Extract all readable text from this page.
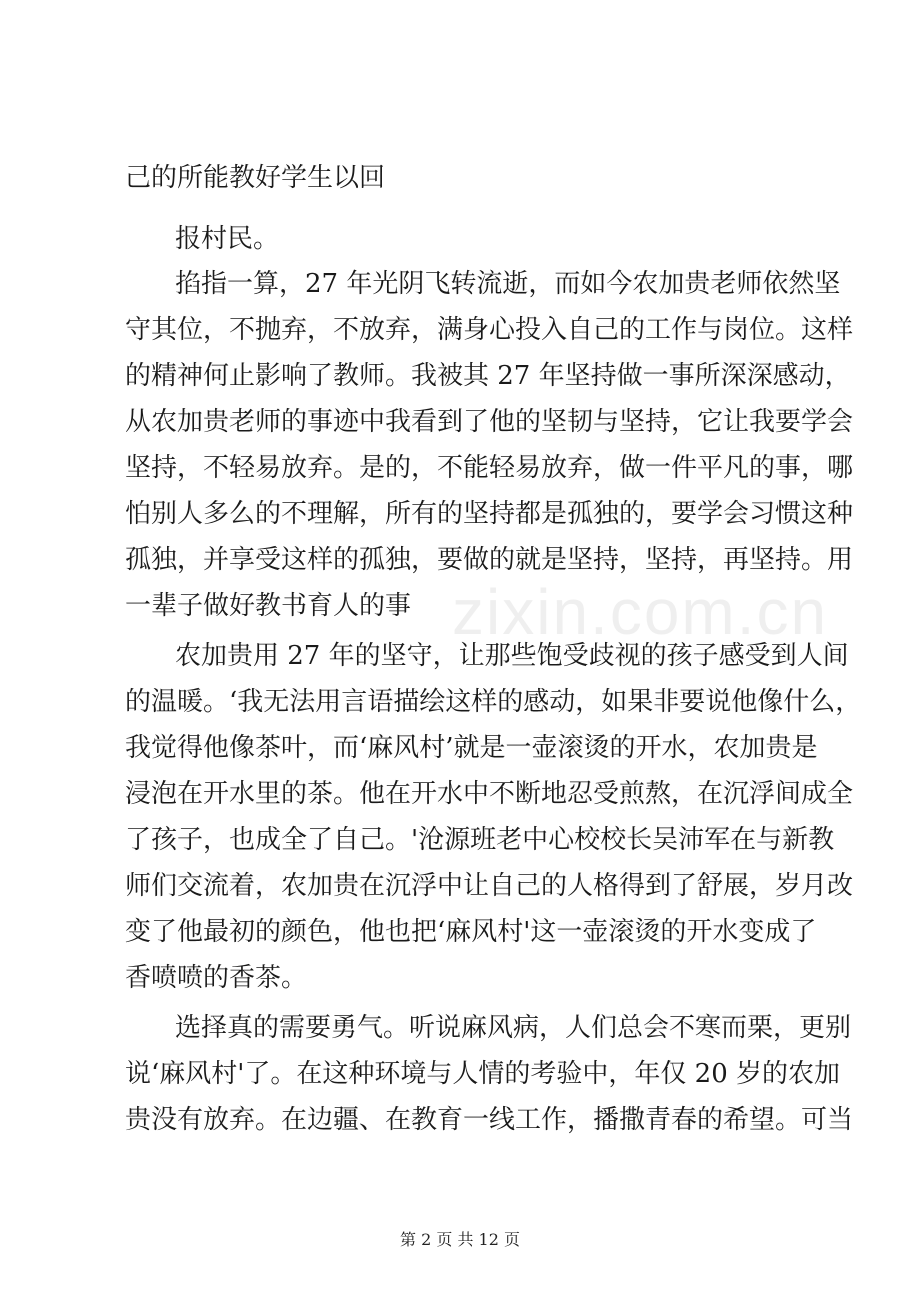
zixin.com.cn
己的所能教好学生以回
报村民。
掐指一算，27 年光阴飞转流逝，而如今农加贵老师依然坚
守其位，不抛弃，不放弃，满身心投入自己的工作与岗位。这样
的精神何止影响了教师。我被其 27 年坚持做一事所深深感动，
从农加贵老师的事迹中我看到了他的坚韧与坚持，它让我要学会
坚持，不轻易放弃。是的，不能轻易放弃，做一件平凡的事，哪
怕别人多么的不理解，所有的坚持都是孤独的，要学会习惯这种
孤独，并享受这样的孤独，要做的就是坚持，坚持，再坚持。用
一辈子做好教书育人的事
农加贵用 27 年的坚守，让那些饱受歧视的孩子感受到人间
的温暖。‘我无法用言语描绘这样的感动，如果非要说他像什么，
我觉得他像茶叶，而‘麻风村’就是一壶滚烫的开水，农加贵是
浸泡在开水里的茶。他在开水中不断地忍受煎熬，在沉浮间成全
了孩子，也成全了自己。'沧源班老中心校校长吴沛军在与新教
师们交流着，农加贵在沉浮中让自己的人格得到了舒展，岁月改
变了他最初的颜色，他也把‘麻风村'这一壶滚烫的开水变成了
香喷喷的香茶。
选择真的需要勇气。听说麻风病，人们总会不寒而栗，更别
说‘麻风村'了。在这种环境与人情的考验中，年仅 20 岁的农加
贵没有放弃。在边疆、在教育一线工作，播撒青春的希望。可当
第 2 页 共 12 页
